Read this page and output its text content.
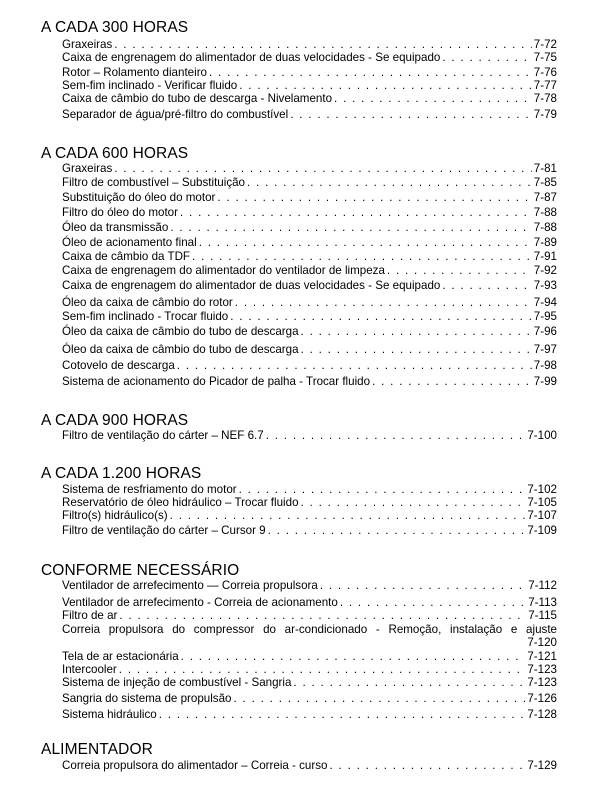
A CADA 300 HORAS
Graxeiras . . .	7-72
Caixa de engrenagem do alimentador de duas velocidades - Se equipado . . .	7-75
Rotor – Rolamento dianteiro . . .	7-76
Sem-fim inclinado - Verificar fluido . . .	7-77
Caixa de câmbio do tubo de descarga - Nivelamento . . .	7-78
Separador de água/pré-filtro do combustível . . .	7-79
A CADA 600 HORAS
Graxeiras . . .	7-81
Filtro de combustível – Substituição . . .	7-85
Substituição do óleo do motor . . .	7-87
Filtro do óleo do motor . . .	7-88
Óleo da transmissão . . .	7-88
Óleo de acionamento final . . .	7-89
Caixa de câmbio da TDF . . .	7-91
Caixa de engrenagem do alimentador do ventilador de limpeza . . .	7-92
Caixa de engrenagem do alimentador de duas velocidades - Se equipado . . .	7-93
Óleo da caixa de câmbio do rotor . . .	7-94
Sem-fim inclinado - Trocar fluido . . .	7-95
Óleo da caixa de câmbio do tubo de descarga . . .	7-96
Óleo da caixa de câmbio do tubo de descarga . . .	7-97
Cotovelo de descarga . . .	7-98
Sistema de acionamento do Picador de palha - Trocar fluido . . .	7-99
A CADA 900 HORAS
Filtro de ventilação do cárter – NEF 6.7 . . .	7-100
A CADA 1.200 HORAS
Sistema de resfriamento do motor . . .	7-102
Reservatório de óleo hidráulico – Trocar fluido . . .	7-105
Filtro(s) hidráulico(s) . . .	7-107
Filtro de ventilação do cárter – Cursor 9 . . .	7-109
CONFORME NECESSÁRIO
Ventilador de arrefecimento — Correia propulsora . . .	7-112
Ventilador de arrefecimento - Correia de acionamento . . .	7-113
Filtro de ar . . .	7-115
Correia propulsora do compressor do ar-condicionado - Remoção, instalação e ajuste
7-120
Tela de ar estacionária . . .	7-121
Intercooler . . .	7-123
Sistema de injeção de combustível - Sangria . . .	7-123
Sangria do sistema de propulsão . . .	7-126
Sistema hidráulico . . .	7-128
ALIMENTADOR
Correia propulsora do alimentador – Correia - curso . . .	7-129
